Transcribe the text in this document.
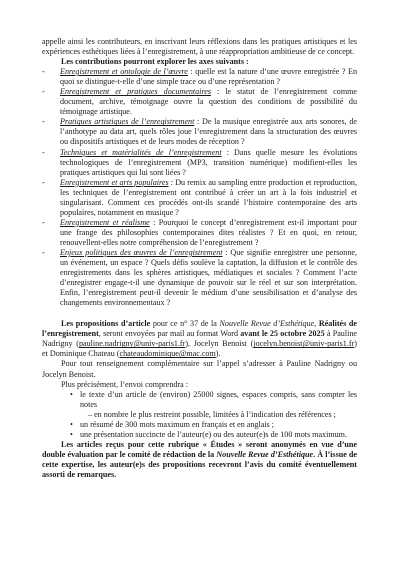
appelle ainsi les contributeurs, en inscrivant leurs réflexions dans les pratiques artistiques et les expériences esthétiques liées à l’enregistrement, à une réappropriation ambitieuse de ce concept.

Les contributions pourront explorer les axes suivants :

- Enregistrement et ontologie de l’œuvre : quelle est la nature d’une œuvre enregistrée ? En quoi se distingue-t-elle d’une simple trace ou d’une représentation ?
- Enregistrement et pratiques documentaires : le statut de l’enregistrement comme document, archive, témoignage ouvre la question des conditions de possibilité du témoignage artistique.
- Pratiques artistiques de l’enregistrement : De la musique enregistrée aux arts sonores, de l’anthotype au data art, quels rôles joue l’enregistrement dans la structuration des œuvres ou dispositifs artistiques et de leurs modes de réception ?
- Techniques et matérialités de l’enregistrement : Dans quelle mesure les évolutions technologiques de l’enregistrement (MP3, transition numérique) modifient-elles les pratiques artistiques qui lui sont liées ?
- Enregistrement et arts populaires : Du remix au sampling entre production et reproduction, les techniques de l’enregistrement ont contribué à créer un art à la fois industriel et singularisant. Comment ces procédés ont-ils scandé l’histoire contemporaine des arts populaires, notamment en musique ?
- Enregistrement et réalisme : Pourquoi le concept d’enregistrement est-il important pour une frange des philosophies contemporaines dites réalistes ? Et en quoi, en retour, renouvellent-elles notre compréhension de l’enregistrement ?
- Enjeux politiques des œuvres de l’enregistrement : Que signifie enregistrer une personne, un événement, un espace ? Quels défis soulève la captation, la diffusion et le contrôle des enregistrements dans les sphères artistiques, médiatiques et sociales ? Comment l’acte d’enregistrer engage-t-il une dynamique de pouvoir sur le réel et sur son interprétation. Enfin, l’enregistrement peut-il devenir le médium d’une sensibilisation et d’analyse des changements environnementaux ?

Les propositions d’article pour ce n° 37 de la Nouvelle Revue d’Esthétique, Réalités de l’enregistrement, seront envoyées par mail au format Word avant le 25 octobre 2025 à Pauline Nadrigny (pauline.nadrigny@univ-paris1.fr), Jocelyn Benoist (jocelyn.benoist@univ-paris1.fr) et Dominique Chateau (chateaudominique@mac.com).

Pour tout renseignement complémentaire sur l’appel s’adresser à Pauline Nadrigny ou Jocelyn Benoist.

Plus précisément, l’envoi comprendra :

• le texte d’un article de (environ) 25000 signes, espaces compris, sans compter les notes
– en nombre le plus restreint possible, limitées à l’indication des références ;
• un résumé de 300 mots maximum en français et en anglais ;
• une présentation succincte de l’auteur(e) ou des auteur(e)s de 100 mots maximum.

Les articles reçus pour cette rubrique « Études » seront anonymés en vue d’une double évaluation par le comité de rédaction de la Nouvelle Revue d’Esthétique. À l’issue de cette expertise, les auteur(e)s des propositions recevront l’avis du comité éventuellement assorti de remarques.
